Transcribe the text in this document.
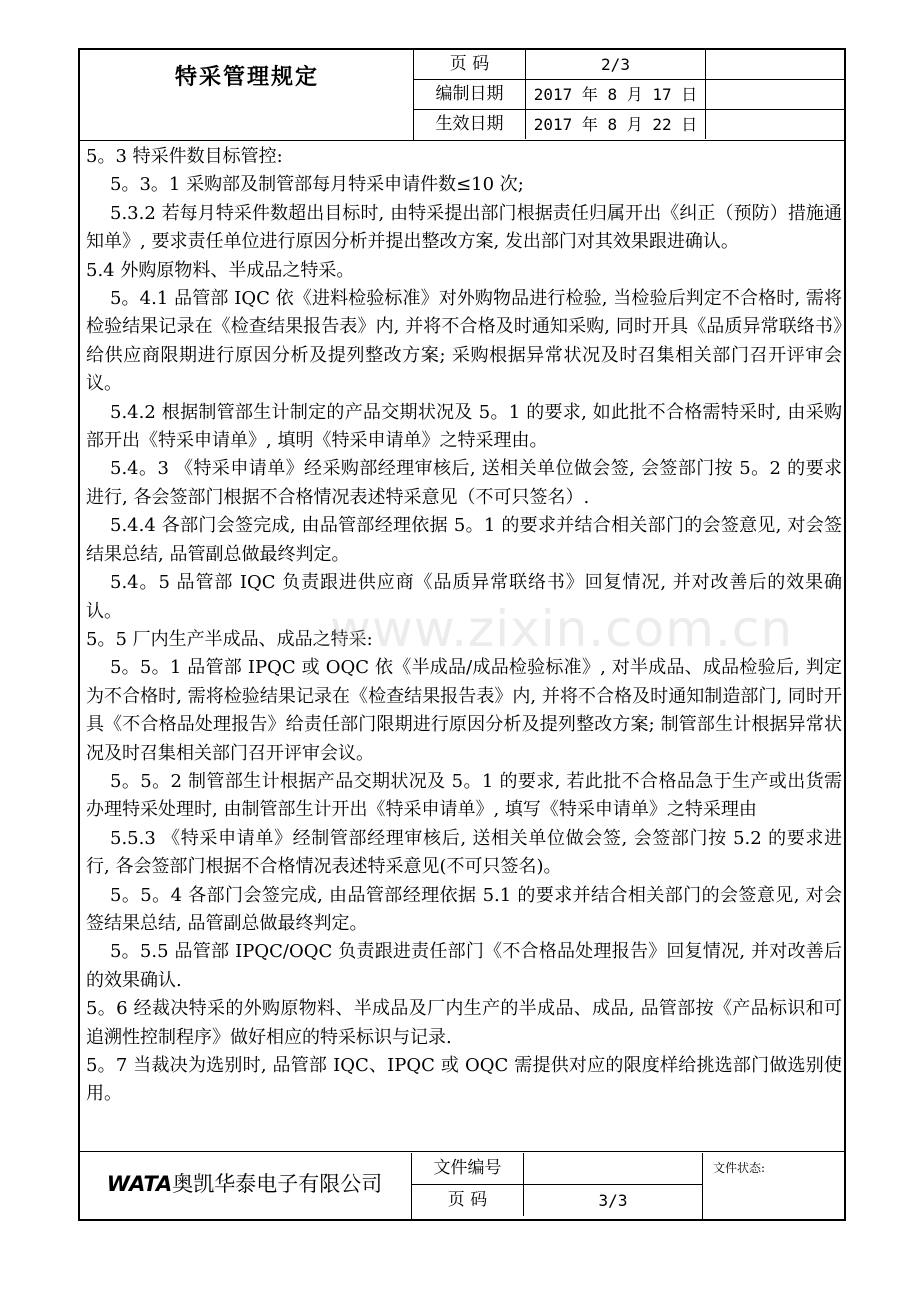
特采管理规定	页 码	2/3
编制日期	2017 年 8 月 17 日
生效日期	2017 年 8 月 22 日

5。3 特采件数目标管控:

5。3。1 采购部及制管部每月特采申请件数≤10 次;

5.3.2 若每月特采件数超出目标时, 由特采提出部门根据责任归属开出《纠正（预防）措施通知单》, 要求责任单位进行原因分析并提出整改方案, 发出部门对其效果跟进确认。

5.4 外购原物料、半成品之特采。

5。4.1 品管部 IQC 依《进料检验标准》对外购物品进行检验, 当检验后判定不合格时, 需将检验结果记录在《检查结果报告表》内, 并将不合格及时通知采购, 同时开具《品质异常联络书》给供应商限期进行原因分析及提列整改方案; 采购根据异常状况及时召集相关部门召开评审会议。

5.4.2 根据制管部生计制定的产品交期状况及 5。1 的要求, 如此批不合格需特采时, 由采购部开出《特采申请单》, 填明《特采申请单》之特采理由。

5.4。3 《特采申请单》经采购部经理审核后, 送相关单位做会签, 会签部门按 5。2 的要求进行, 各会签部门根据不合格情况表述特采意见（不可只签名）.

5.4.4 各部门会签完成, 由品管部经理依据 5。1 的要求并结合相关部门的会签意见, 对会签结果总结, 品管副总做最终判定。

5.4。5 品管部 IQC 负责跟进供应商《品质异常联络书》回复情况, 并对改善后的效果确认。

5。5 厂内生产半成品、成品之特采:

5。5。1 品管部 IPQC 或 OQC 依《半成品/成品检验标准》, 对半成品、成品检验后, 判定为不合格时, 需将检验结果记录在《检查结果报告表》内, 并将不合格及时通知制造部门, 同时开具《不合格品处理报告》给责任部门限期进行原因分析及提列整改方案; 制管部生计根据异常状况及时召集相关部门召开评审会议。

5。5。2 制管部生计根据产品交期状况及 5。1 的要求, 若此批不合格品急于生产或出货需办理特采处理时, 由制管部生计开出《特采申请单》, 填写《特采申请单》之特采理由

5.5.3 《特采申请单》经制管部经理审核后, 送相关单位做会签, 会签部门按 5.2 的要求进行, 各会签部门根据不合格情况表述特采意见(不可只签名)。

5。5。4 各部门会签完成, 由品管部经理依据 5.1 的要求并结合相关部门的会签意见, 对会签结果总结, 品管副总做最终判定。

5。5.5 品管部 IPQC/OQC 负责跟进责任部门《不合格品处理报告》回复情况, 并对改善后的效果确认.

5。6 经裁决特采的外购原物料、半成品及厂内生产的半成品、成品, 品管部按《产品标识和可追溯性控制程序》做好相应的特采标识与记录.

5。7 当裁决为选别时, 品管部 IQC、IPQC 或 OQC 需提供对应的限度样给挑选部门做选别使用。

www.zixin.com.cn
WATA奥凯华泰电子有限公司
文件编号
页 码	3/3
文件状态:
